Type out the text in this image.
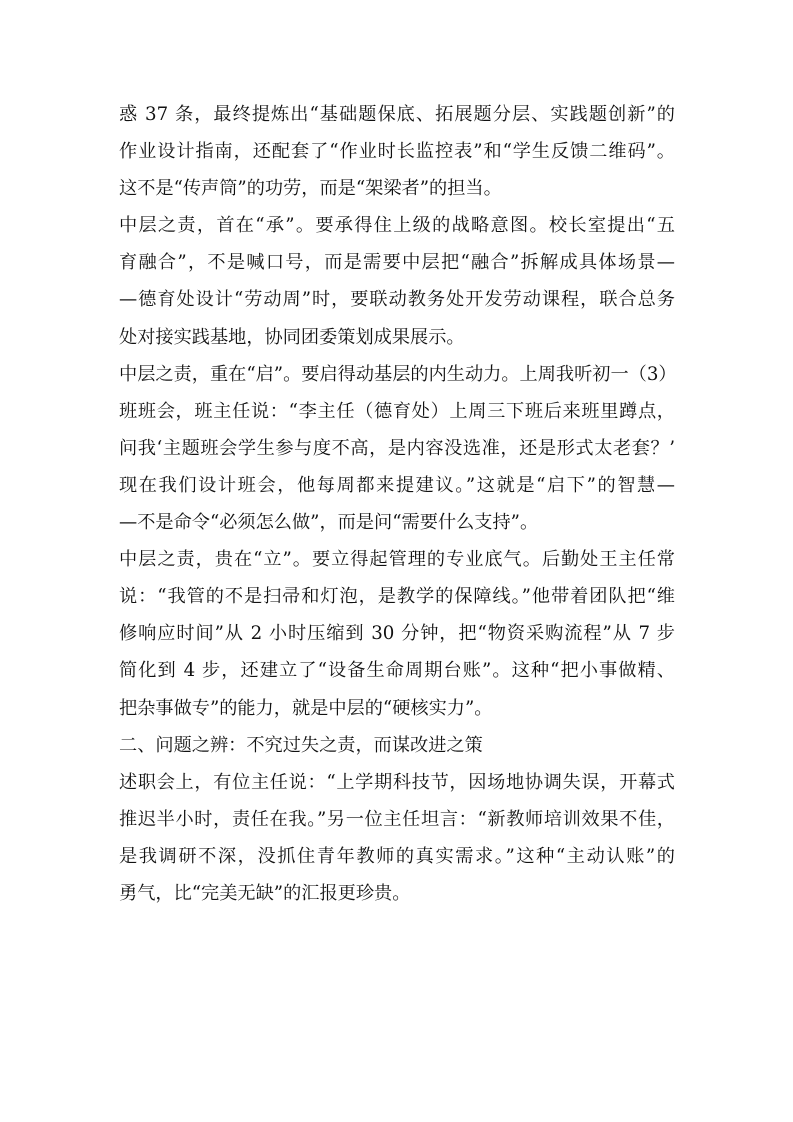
惑 37 条，最终提炼出“基础题保底、拓展题分层、实践题创新”的
作业设计指南，还配套了“作业时长监控表”和“学生反馈二维码”。
这不是“传声筒”的功劳，而是“架梁者”的担当。
中层之责，首在“承”。要承得住上级的战略意图。校长室提出“五
育融合”，不是喊口号，而是需要中层把“融合”拆解成具体场景—
—德育处设计“劳动周”时，要联动教务处开发劳动课程，联合总务
处对接实践基地，协同团委策划成果展示。
中层之责，重在“启”。要启得动基层的内生动力。上周我听初一（3）
班班会，班主任说：“李主任（德育处）上周三下班后来班里蹲点，
问我‘主题班会学生参与度不高，是内容没选准，还是形式太老套？’
现在我们设计班会，他每周都来提建议。”这就是“启下”的智慧—
—不是命令“必须怎么做”，而是问“需要什么支持”。
中层之责，贵在“立”。要立得起管理的专业底气。后勤处王主任常
说：“我管的不是扫帚和灯泡，是教学的保障线。”他带着团队把“维
修响应时间”从 2 小时压缩到 30 分钟，把“物资采购流程”从 7 步
简化到 4 步，还建立了“设备生命周期台账”。这种“把小事做精、
把杂事做专”的能力，就是中层的“硬核实力”。
二、问题之辨：不究过失之责，而谋改进之策
述职会上，有位主任说：“上学期科技节，因场地协调失误，开幕式
推迟半小时，责任在我。”另一位主任坦言：“新教师培训效果不佳，
是我调研不深，没抓住青年教师的真实需求。”这种“主动认账”的
勇气，比“完美无缺”的汇报更珍贵。
